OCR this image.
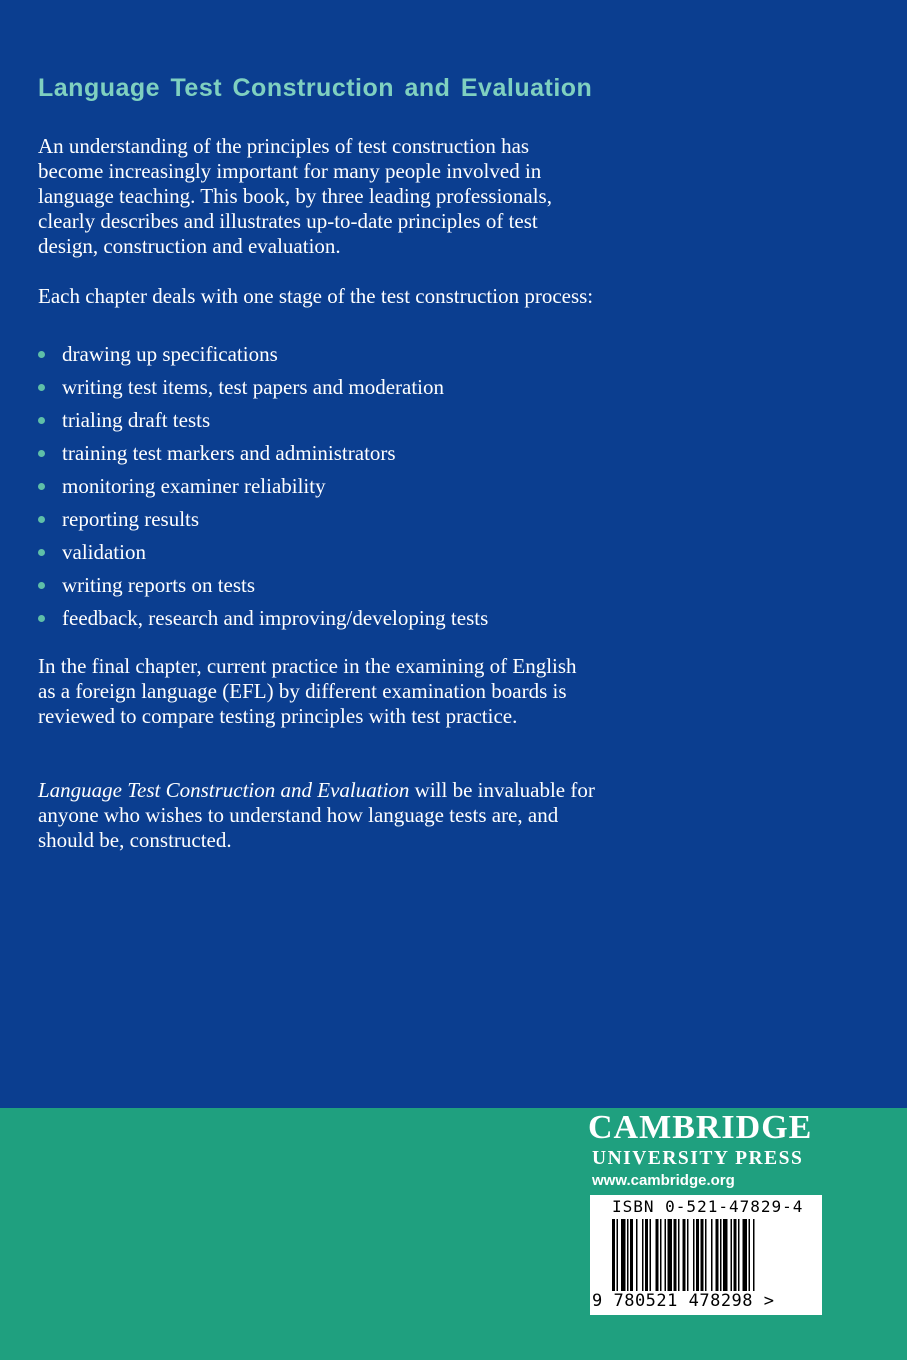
Language Test Construction and Evaluation

An understanding of the principles of test construction has become increasingly important for many people involved in language teaching. This book, by three leading professionals, clearly describes and illustrates up-to-date principles of test design, construction and evaluation.

Each chapter deals with one stage of the test construction process:

drawing up specifications
writing test items, test papers and moderation
trialing draft tests
training test markers and administrators
monitoring examiner reliability
reporting results
validation
writing reports on tests
feedback, research and improving/developing tests

In the final chapter, current practice in the examining of English as a foreign language (EFL) by different examination boards is reviewed to compare testing principles with test practice.

Language Test Construction and Evaluation will be invaluable for anyone who wishes to understand how language tests are, and should be, constructed.

CAMBRIDGE

UNIVERSITY PRESS

www.cambridge.org

ISBN 0-521-47829-4
9 780521 478298 >
